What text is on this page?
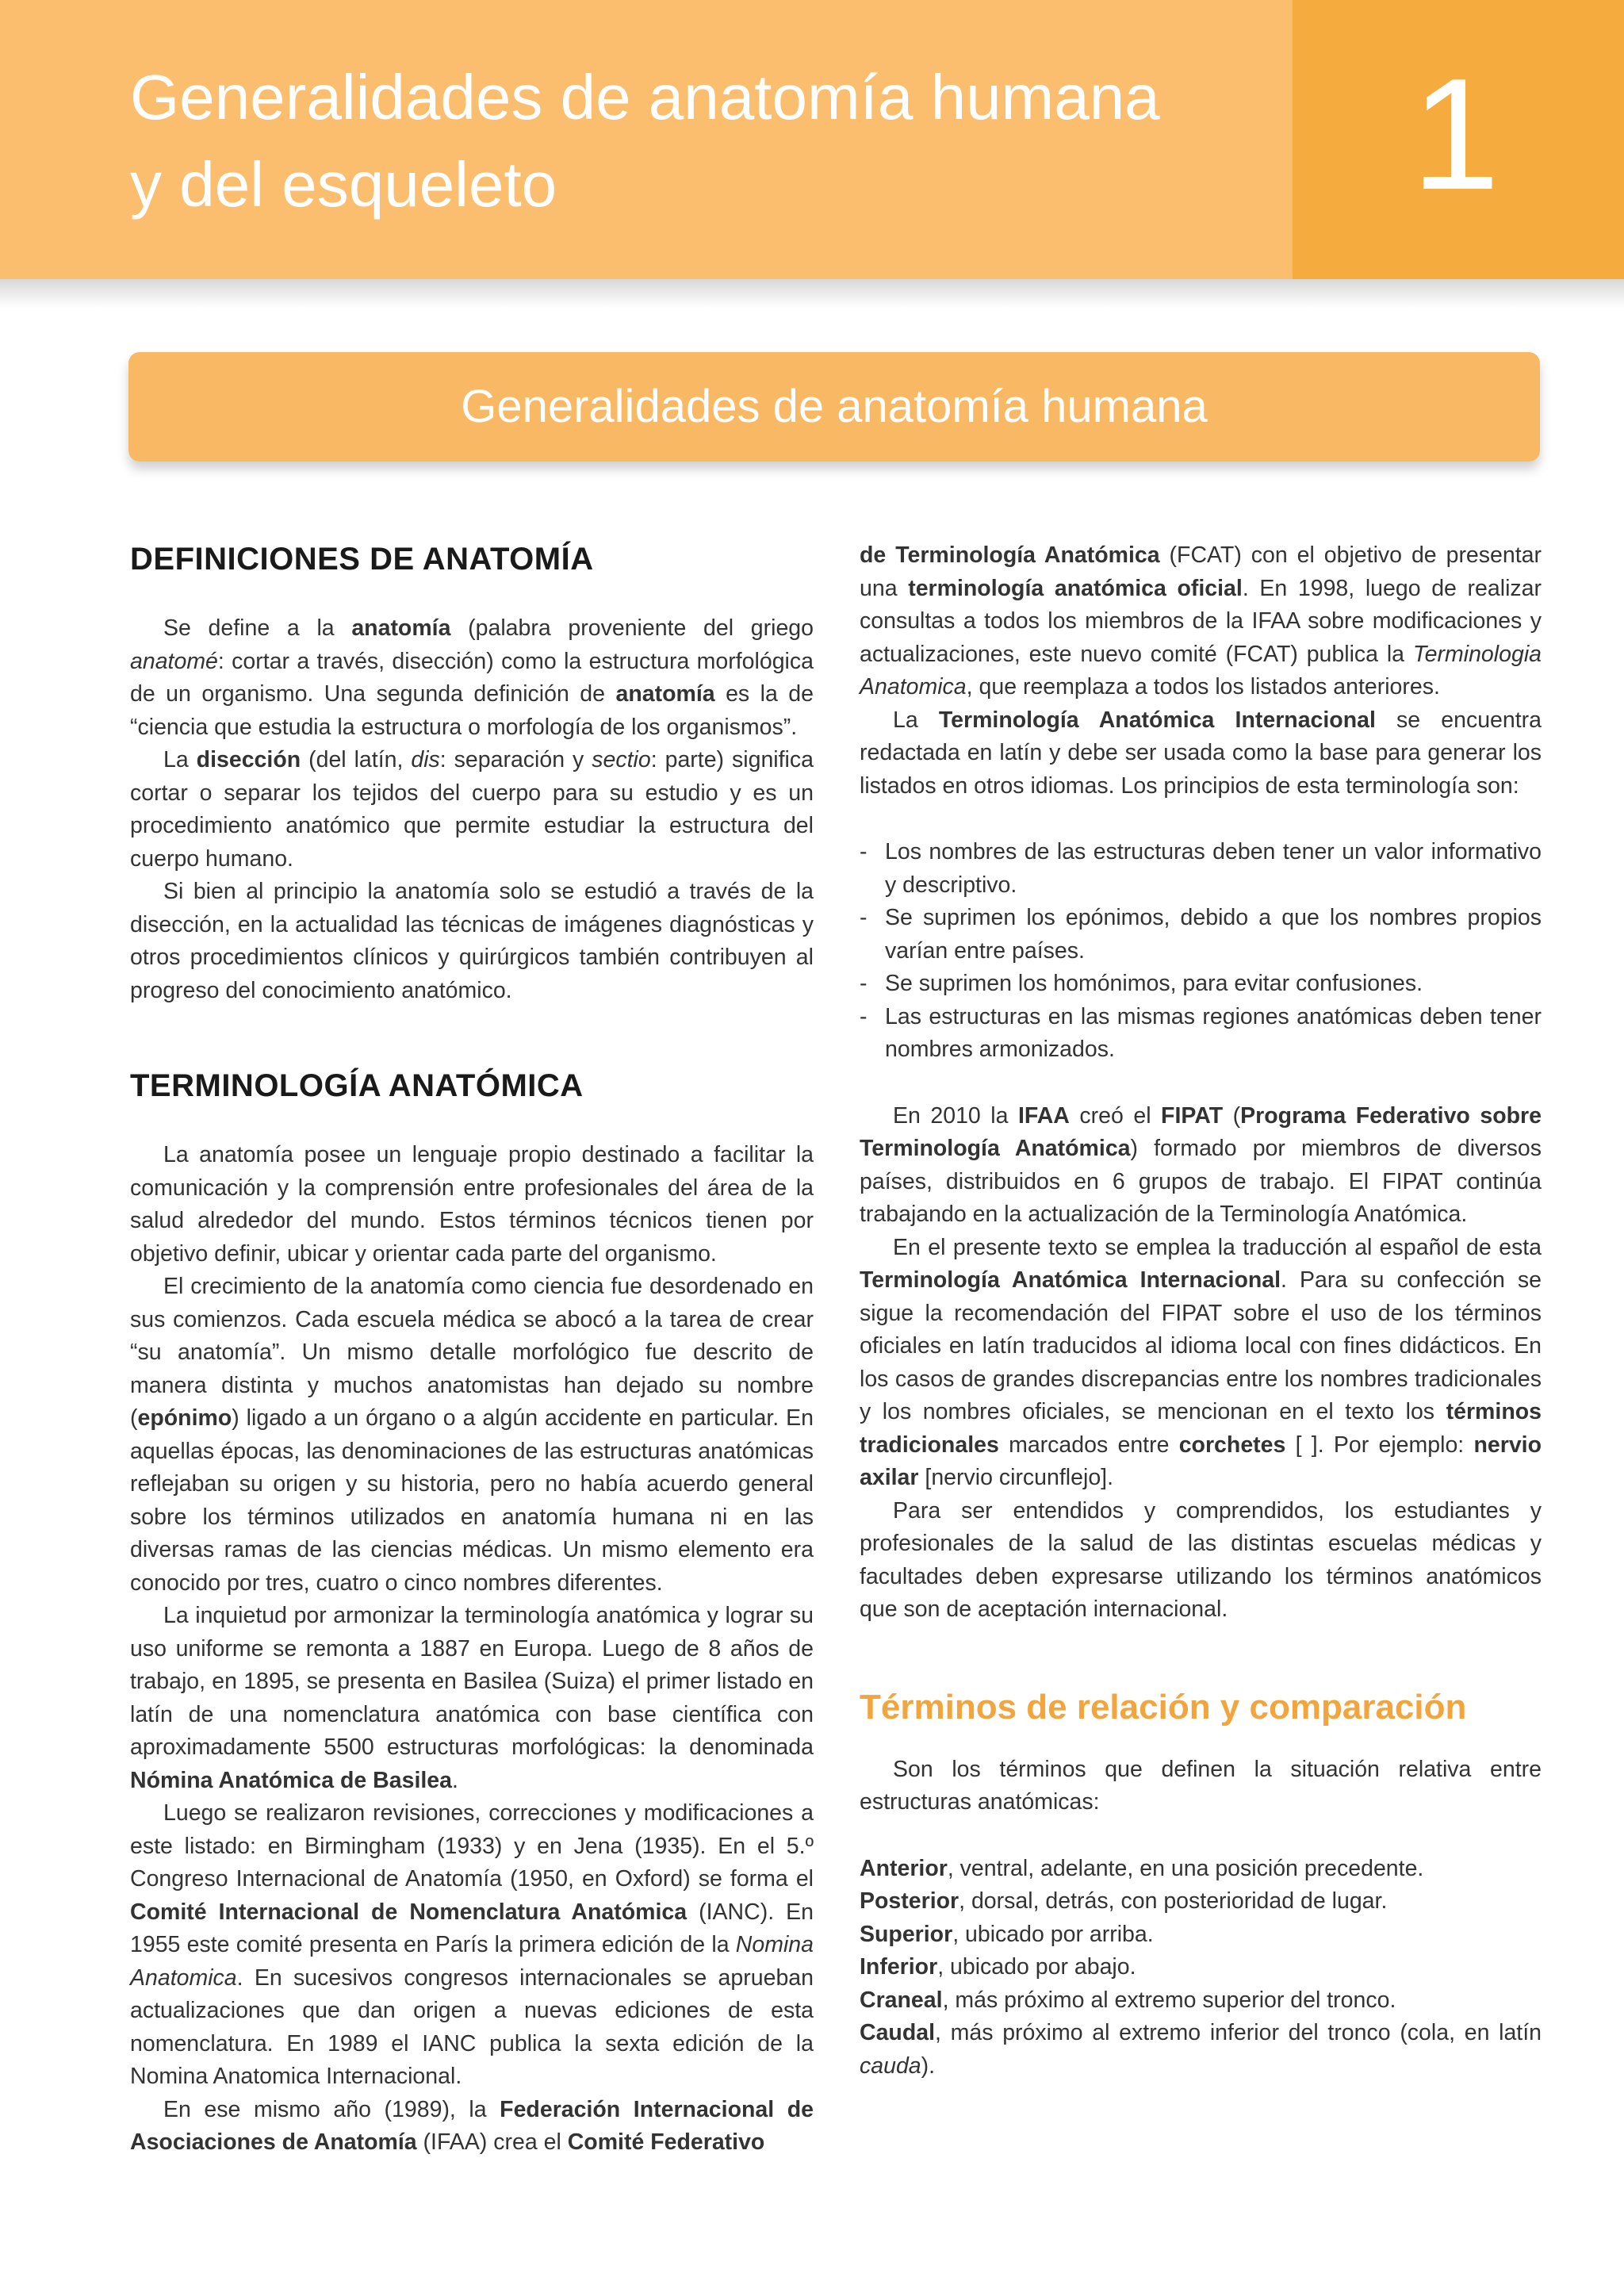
Generalidades de anatomía humana
y del esqueleto	1
Generalidades de anatomía humana
DEFINICIONES DE ANATOMÍA

Se define a la anatomía (palabra proveniente del griego anatomé: cortar a través, disección) como la estructura morfológica de un organismo. Una segunda definición de anatomía es la de “ciencia que estudia la estructura o morfología de los organismos”.

La disección (del latín, dis: separación y sectio: parte) significa cortar o separar los tejidos del cuerpo para su estudio y es un procedimiento anatómico que permite estudiar la estructura del cuerpo humano.

Si bien al principio la anatomía solo se estudió a través de la disección, en la actualidad las técnicas de imágenes diagnósticas y otros procedimientos clínicos y quirúrgicos también contribuyen al progreso del conocimiento anatómico.

TERMINOLOGÍA ANATÓMICA

La anatomía posee un lenguaje propio destinado a facilitar la comunicación y la comprensión entre profesionales del área de la salud alrededor del mundo. Estos términos técnicos tienen por objetivo definir, ubicar y orientar cada parte del organismo.

El crecimiento de la anatomía como ciencia fue desordenado en sus comienzos. Cada escuela médica se abocó a la tarea de crear “su anatomía”. Un mismo detalle morfológico fue descrito de manera distinta y muchos anatomistas han dejado su nombre (epónimo) ligado a un órgano o a algún accidente en particular. En aquellas épocas, las denominaciones de las estructuras anatómicas reflejaban su origen y su historia, pero no había acuerdo general sobre los términos utilizados en anatomía humana ni en las diversas ramas de las ciencias médicas. Un mismo elemento era conocido por tres, cuatro o cinco nombres diferentes.

La inquietud por armonizar la terminología anatómica y lograr su uso uniforme se remonta a 1887 en Europa. Luego de 8 años de trabajo, en 1895, se presenta en Basilea (Suiza) el primer listado en latín de una nomenclatura anatómica con base científica con aproximadamente 5500 estructuras morfológicas: la denominada Nómina Anatómica de Basilea.

Luego se realizaron revisiones, correcciones y modificaciones a este listado: en Birmingham (1933) y en Jena (1935). En el 5.º Congreso Internacional de Anatomía (1950, en Oxford) se forma el Comité Internacional de Nomenclatura Anatómica (IANC). En 1955 este comité presenta en París la primera edición de la Nomina Anatomica. En sucesivos congresos internacionales se aprueban actualizaciones que dan origen a nuevas ediciones de esta nomenclatura. En 1989 el IANC publica la sexta edición de la Nomina Anatomica Internacional.

En ese mismo año (1989), la Federación Internacional de Asociaciones de Anatomía (IFAA) crea el Comité Federativo

de Terminología Anatómica (FCAT) con el objetivo de presentar una terminología anatómica oficial. En 1998, luego de realizar consultas a todos los miembros de la IFAA sobre modificaciones y actualizaciones, este nuevo comité (FCAT) publica la Terminologia Anatomica, que reemplaza a todos los listados anteriores.

La Terminología Anatómica Internacional se encuentra redactada en latín y debe ser usada como la base para generar los listados en otros idiomas. Los principios de esta terminología son:

- Los nombres de las estructuras deben tener un valor informativo y descriptivo.
- Se suprimen los epónimos, debido a que los nombres propios varían entre países.
- Se suprimen los homónimos, para evitar confusiones.
- Las estructuras en las mismas regiones anatómicas deben tener nombres armonizados.

En 2010 la IFAA creó el FIPAT (Programa Federativo sobre Terminología Anatómica) formado por miembros de diversos países, distribuidos en 6 grupos de trabajo. El FIPAT continúa trabajando en la actualización de la Terminología Anatómica.

En el presente texto se emplea la traducción al español de esta Terminología Anatómica Internacional. Para su confección se sigue la recomendación del FIPAT sobre el uso de los términos oficiales en latín traducidos al idioma local con fines didácticos. En los casos de grandes discrepancias entre los nombres tradicionales y los nombres oficiales, se mencionan en el texto los términos tradicionales marcados entre corchetes [ ]. Por ejemplo: nervio axilar [nervio circunflejo].

Para ser entendidos y comprendidos, los estudiantes y profesionales de la salud de las distintas escuelas médicas y facultades deben expresarse utilizando los términos anatómicos que son de aceptación internacional.

Términos de relación y comparación

Son los términos que definen la situación relativa entre estructuras anatómicas:

Anterior, ventral, adelante, en una posición precedente.

Posterior, dorsal, detrás, con posterioridad de lugar.

Superior, ubicado por arriba.

Inferior, ubicado por abajo.

Craneal, más próximo al extremo superior del tronco.

Caudal, más próximo al extremo inferior del tronco (cola, en latín cauda).
